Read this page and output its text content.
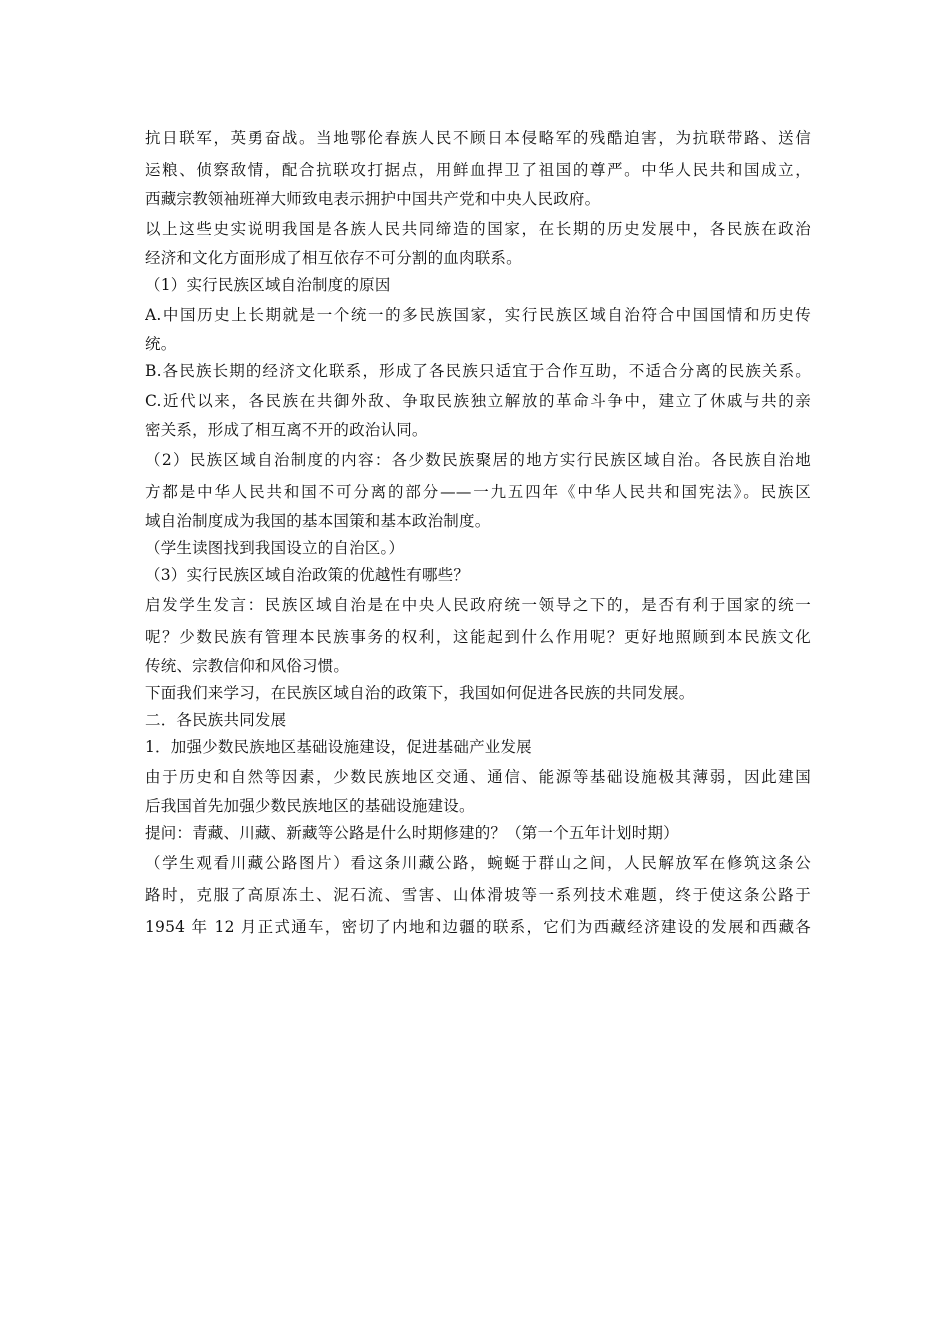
抗日联军，英勇奋战。当地鄂伦春族人民不顾日本侵略军的残酷迫害，为抗联带路、送信
运粮、侦察敌情，配合抗联攻打据点，用鲜血捍卫了祖国的尊严。中华人民共和国成立，
西藏宗教领袖班禅大师致电表示拥护中国共产党和中央人民政府。
以上这些史实说明我国是各族人民共同缔造的国家，在长期的历史发展中，各民族在政治
经济和文化方面形成了相互依存不可分割的血肉联系。
（1）实行民族区域自治制度的原因
A.中国历史上长期就是一个统一的多民族国家，实行民族区域自治符合中国国情和历史传
统。
B.各民族长期的经济文化联系，形成了各民族只适宜于合作互助，不适合分离的民族关系。
C.近代以来，各民族在共御外敌、争取民族独立解放的革命斗争中，建立了休戚与共的亲
密关系，形成了相互离不开的政治认同。
（2）民族区域自治制度的内容：各少数民族聚居的地方实行民族区域自治。各民族自治地
方都是中华人民共和国不可分离的部分——一九五四年《中华人民共和国宪法》。民族区
域自治制度成为我国的基本国策和基本政治制度。
（学生读图找到我国设立的自治区。）
（3）实行民族区域自治政策的优越性有哪些？
启发学生发言：民族区域自治是在中央人民政府统一领导之下的，是否有利于国家的统一
呢？少数民族有管理本民族事务的权利，这能起到什么作用呢？更好地照顾到本民族文化
传统、宗教信仰和风俗习惯。
下面我们来学习，在民族区域自治的政策下，我国如何促进各民族的共同发展。
二．各民族共同发展
1．加强少数民族地区基础设施建设，促进基础产业发展
由于历史和自然等因素，少数民族地区交通、通信、能源等基础设施极其薄弱，因此建国
后我国首先加强少数民族地区的基础设施建设。
提问：青藏、川藏、新藏等公路是什么时期修建的？（第一个五年计划时期）
（学生观看川藏公路图片）看这条川藏公路，蜿蜒于群山之间，人民解放军在修筑这条公
路时，克服了高原冻土、泥石流、雪害、山体滑坡等一系列技术难题，终于使这条公路于
1954 年 12 月正式通车，密切了内地和边疆的联系，它们为西藏经济建设的发展和西藏各
